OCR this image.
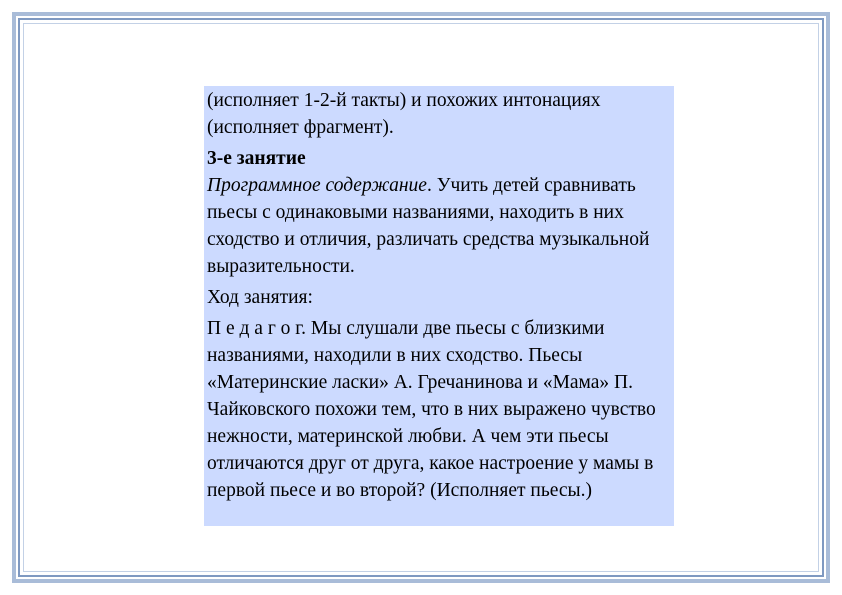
(исполняет 1-2-й такты) и похожих интонациях (исполняет фрагмент).

3-е занятие
Программное содержание. Учить детей сравнивать пьесы с одинаковыми названиями, находить в них сходство и отличия, различать средства музыкальной выразительности.

Ход занятия:

П е д а г о г. Мы слушали две пьесы с близкими названиями, находили в них сходство. Пьесы «Материнские ласки» А. Гречанинова и «Мама» П. Чайковского похожи тем, что в них выражено чувство нежности, материнской любви. А чем эти пьесы отличаются друг от друга, какое настроение у мамы в первой пьесе и во второй? (Исполняет пьесы.)
